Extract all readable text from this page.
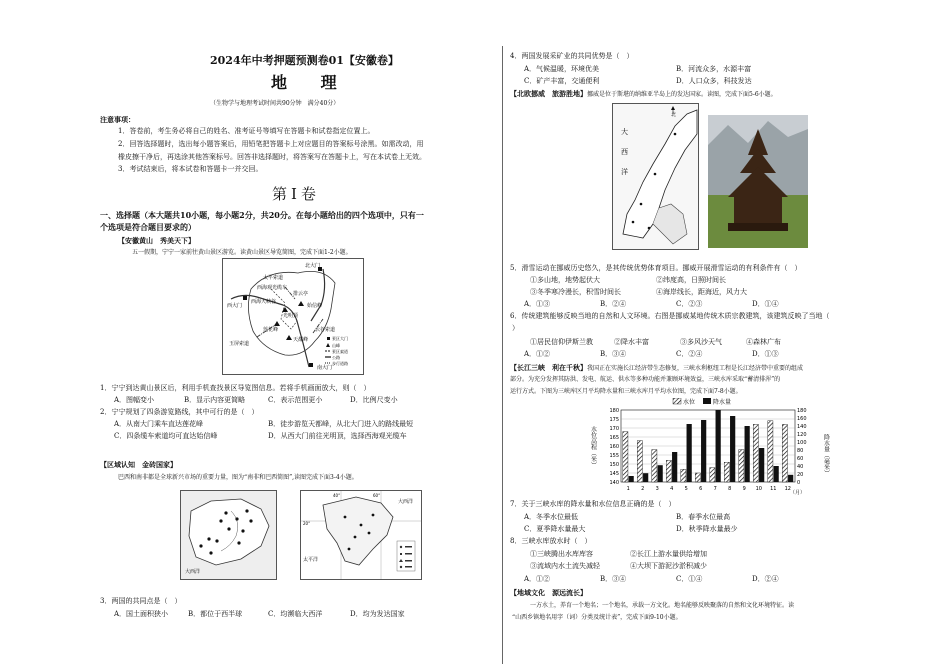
2024年中考押题预测卷01【安徽卷】
地 理
（生物学与地理考试时间共90分钟　满分40分）
注意事项：
1．答卷前，考生务必将自己的姓名、准考证号等填写在答题卡和试卷指定位置上。
2．回答选择题时，选出每小题答案后，用铅笔把答题卡上对应题目的答案标号涂黑。如需改动，用
橡皮擦干净后，再选涂其他答案标号。回答非选择题时，将答案写在答题卡上，写在本试卷上无效。
3．考试结束后，将本试卷和答题卡一并交回。
第Ⅰ卷
一、选择题（本大题共10小题，每小题2分，共20分。在每小题给出的四个选项中，只有一
个选项是符合题目要求的）
【安徽黄山　秀美天下】
五一假期，宁宁一家前往黄山景区游览。读黄山景区导览简图，完成下面1-2小题。
北大门
太平索道
西海观光缆车
排云亭
西海大峡谷
光明顶
始信峰
西大门
玉屏索道
莲花峰
天都峰
云谷索道
南大门
景区大门
山峰
景区索道
公路
步行道路
1．宁宁到达黄山景区后，利用手机查找景区导览图信息。若将手机画面放大，则（　）
A．图幅变小	B．显示内容更简略	C．表示范围更小	D．比例尺变小
2．宁宁规划了四条游览路线，其中可行的是（　）
A．从南大门乘车直达莲花峰	B．徒步游览天都峰，从北大门进入的路线最短
C．四条缆车索道均可直达始信峰	D．从西大门前往光明顶，选择西海观光缆车
【区域认知　金砖国家】
巴西和南非都是全球新兴市场的重要力量，图为“南非和巴西简图”,读图完成下面3-4小题。
大西洋
大西洋
太平洋
20°
40°	60°
3．两国的共同点是（　）
A．国土面积狭小	B．都位于西半球	C．均濒临大西洋	D．均为发达国家
4．两国发展采矿业的共同优势是（　）
A．气候温暖，环境优美	B．河流众多，水源丰富
C．矿产丰富，交通便利	D．人口众多，科技发达
【北欧挪威　旅游胜地】挪威是位于斯堪的纳维亚半岛上的发达国家。读图，完成下面5-6小题。
北
大
西
洋
5．滑雪运动在挪威历史悠久，是其传统优势体育项目。挪威开展滑雪运动的有利条件有（　）
①多山地，地势起伏大	②纬度高，日照时间长
③冬季寒冷漫长，积雪时间长	④海岸线长，距海近，风力大
A．①③	B．②④	C．②③	D．①④
6．传统建筑能够反映当地的自然和人文环境。右图是挪威某地传统木质宗教建筑，该建筑反映了当地（
）
①居民信仰伊斯兰教	②降水丰富	③多风沙天气	④森林广布
A．①②	B．③④	C．②④	D．①③
【长江三峡　利在千秋】我国正在实施长江经济带生态修复，三峡水利枢纽工程是长江经济带中重要的组成
部分。为充分发挥其防洪、发电、航运、供水等多种功能并兼顾环境效益，三峡水库采取“蓄清排浑”的
运行方式。下图为三峡库区月平均降水量和三峡水库月平均水位图，完成下面7-8小题。
140
145
150
155
160
165
170
175
180
0
20
40
60
80
100
120
140
160
180
1 2 3 4 5 6 7 8 9 10 11 12
水位高程（米）	降水量（毫米）
水位	降水量
（月）
7．关于三峡水库的降水量和水位信息正确的是（　）
A．冬季水位最低	B．春季水位最高
C．夏季降水量最大	D．秋季降水量最少
8．三峡水库放水时（　）
①三峡腾出水库库容	②长江上游水量供给增加
③流域内水土流失减轻	④大坝下游泥沙淤积减少
A．①②	B．③④	C．①④	D．②④
【地域文化　源远流长】
一方水土，养育一个地名；一个地名，承载一方文化。地名能够反映聚落的自然和文化环境特征。读
“山西乡镇地名用字（词）分类及统计表”，完成下面9-10小题。
